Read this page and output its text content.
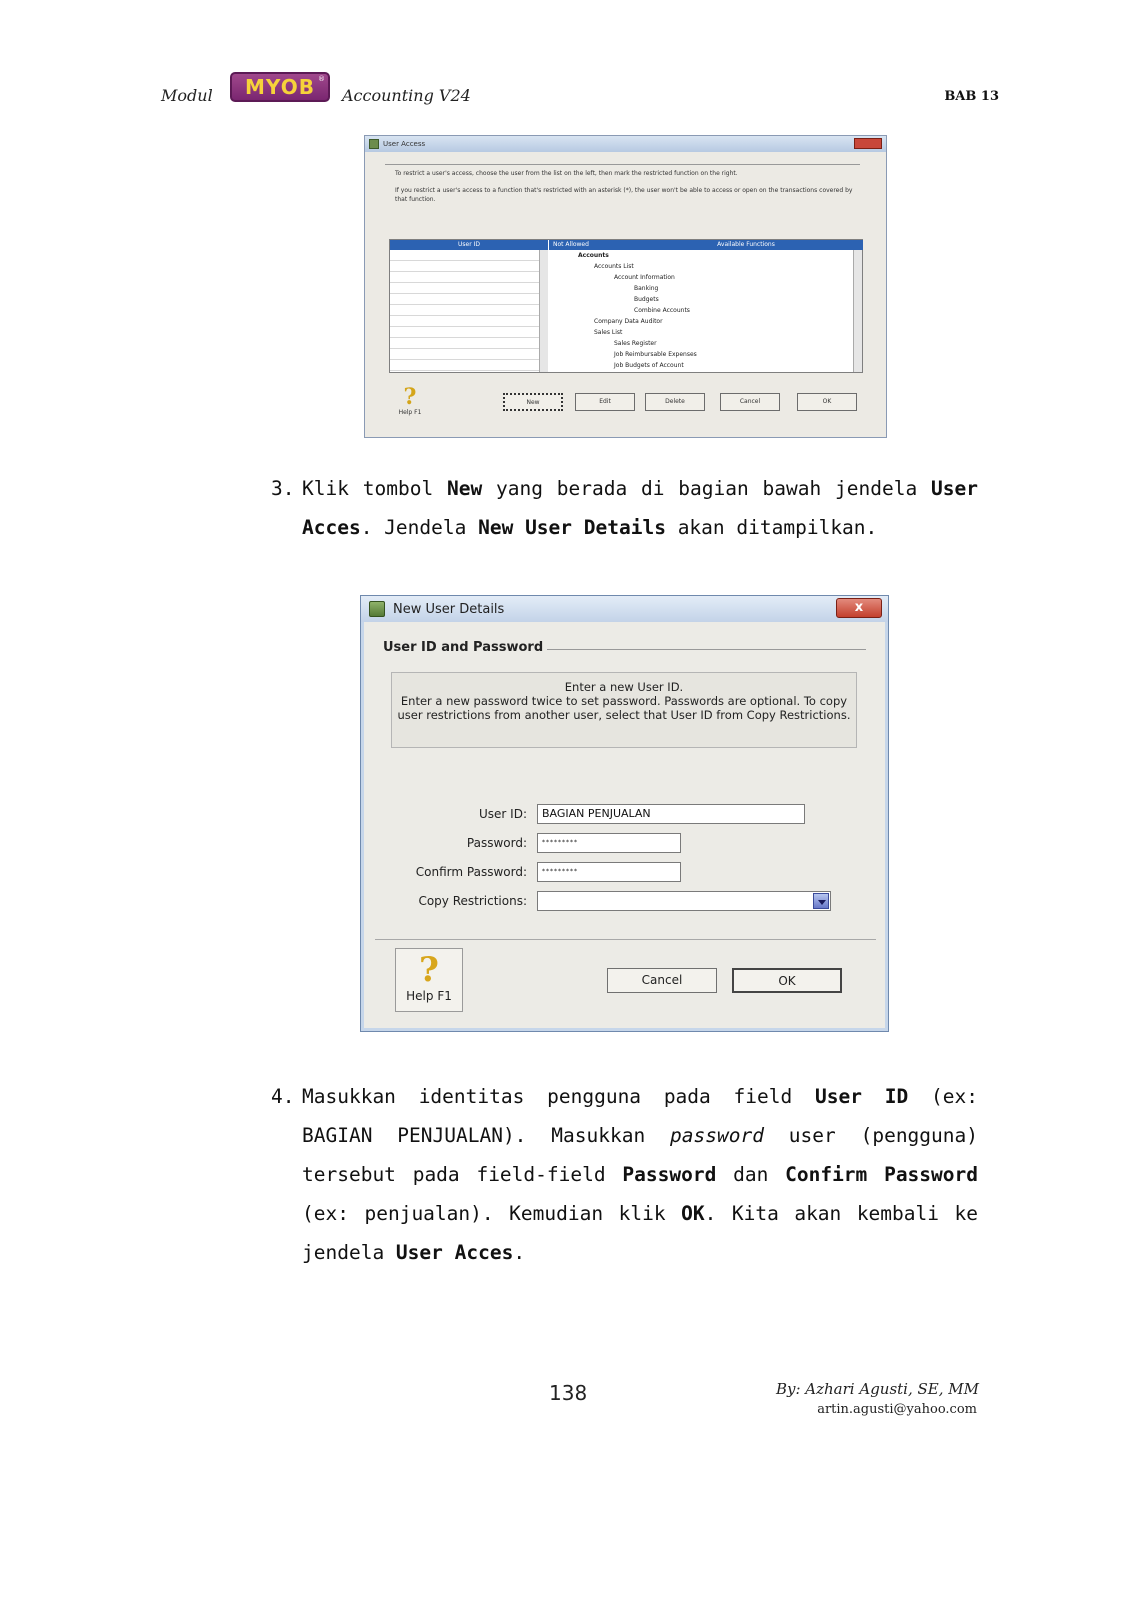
Modul MYOB ®
Accounting V24	BAB 13
User Access

To restrict a user's access, choose the user from the list on the left, then mark the restricted function on the right.

If you restrict a user's access to a function that's restricted with an asterisk (*), the user won't be able to access or open on the transactions covered by that function.

User ID	Not Allowed	Available Functions
Accounts
Accounts List
Account Information
Banking
Budgets
Combine Accounts
Company Data Auditor
Sales List
Sales Register
Job Reimbursable Expenses
Job Budgets of Account
?
Help F1
New	Edit	Delete	Cancel	OK
3. Klik tombol New yang berada di bagian bawah jendela User Acces. Jendela New User Details akan ditampilkan.
New User Details	x
User ID and Password
Enter a new User ID.
Enter a new password twice to set password. Passwords are optional. To copy
user restrictions from another user, select that User ID from Copy Restrictions.
User ID:	BAGIAN PENJUALAN
Password:	*********
Confirm Password:	*********
Copy Restrictions:
?
Help F1
Cancel	OK
4. Masukkan identitas pengguna pada field User ID (ex: BAGIAN PENJUALAN). Masukkan password user (pengguna) tersebut pada field-field Password dan Confirm Password (ex: penjualan). Kemudian klik OK. Kita akan kembali ke jendela User Acces.
138	By: Azhari Agusti, SE, MM
artin.agusti@yahoo.com
